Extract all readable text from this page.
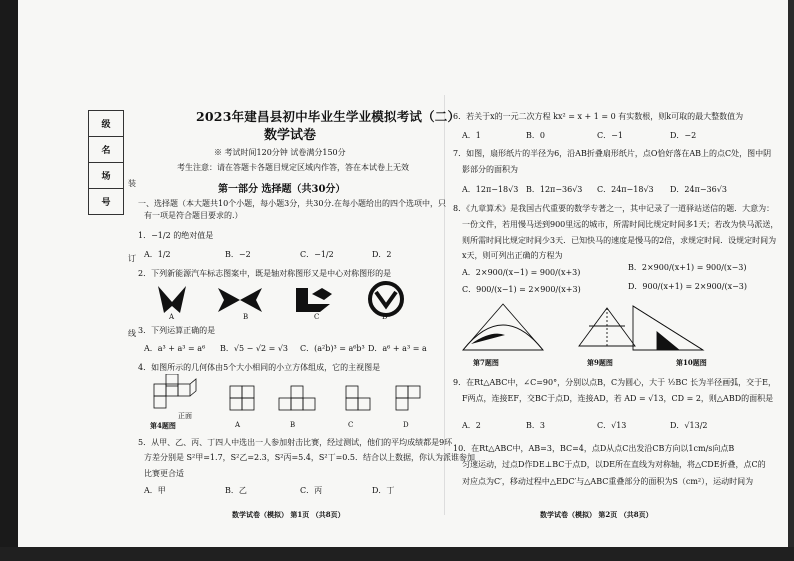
级
名
场
号
装
订
线
2023年建昌县初中毕业生学业模拟考试（二）
数学试卷
※ 考试时间120分钟 试卷满分150分
考生注意：请在答题卡各题目规定区域内作答，答在本试卷上无效
第一部分 选择题（共30分）
一、选择题（本大题共10个小题，每小题3分，共30分.在每小题给出的四个选项中，只
有一项是符合题目要求的.）
1．−1/2 的绝对值是
A．1/2	B．−2	C．−1/2	D．2
2．下列新能源汽车标志图案中，既是轴对称图形又是中心对称图形的是
A	B	C	D
3．下列运算正确的是
A．a³ + a³ = a⁶ B．√5 − √2 = √3 C．(a²b)³ = a⁶b³ D．a⁶ + a³ = a
4．如图所示的几何体由5个大小相同的小立方体组成，它的主视图是
正面
第4题图	A	B	C	D
5．从甲、乙、丙、丁四人中选出一人参加射击比赛，经过测试，他们的平均成绩都是9环
方差分别是 S²甲=1.7，S²乙=2.3，S²丙=5.4，S²丁=0.5．结合以上数据，你认为派谁参加
比赛更合适
A．甲	B．乙	C．丙	D．丁
数学试卷（模拟） 第1页 （共8页）
6．若关于x的一元二次方程 kx² = x + 1 = 0 有实数根，则k可取的最大整数值为
A．1	B．0	C．−1	D．−2
7．如图，扇形纸片的半径为6，沿AB折叠扇形纸片，点O恰好落在AB上的点C处，图中阴
影部分的面积为
A．12π−18√3 B．12π−36√3 C．24π−18√3 D．24π−36√3
8．《九章算术》是我国古代重要的数学专著之一，其中记录了一道驿站送信的题．大意为：
一份文件，若用慢马送到900里远的城市，所需时间比规定时间多1天；若改为快马派送，
则所需时间比规定时间少3天．已知快马的速度是慢马的2倍，求规定时间．设规定时间为
x天，则可列出正确的方程为
A．2×900/(x−1) = 900/(x+3)
B．2×900/(x+1) = 900/(x−3)
C．900/(x−1) = 2×900/(x+3)	D．900/(x+1) = 2×900/(x−3)
第7题图	第9题图	第10题图
9．在Rt△ABC中，∠C=90°，分别以点B，C为圆心，大于 ½BC 长为半径画弧，交于E，
F两点，连接EF，交BC于点D，连接AD，若 AD = √13，CD = 2，则△ABD的面积是
A．2	B．3	C．√13	D．√13/2
10．在Rt△ABC中，AB=3，BC=4，点D从点C出发沿CB方向以1cm/s向点B
匀速运动，过点D作DE⊥BC于点D，以DE所在直线为对称轴，将△CDE折叠，点C的
对应点为C′，移动过程中△EDC′与△ABC重叠部分的面积为S（cm²），运动时间为
数学试卷（模拟） 第2页 （共8页）
